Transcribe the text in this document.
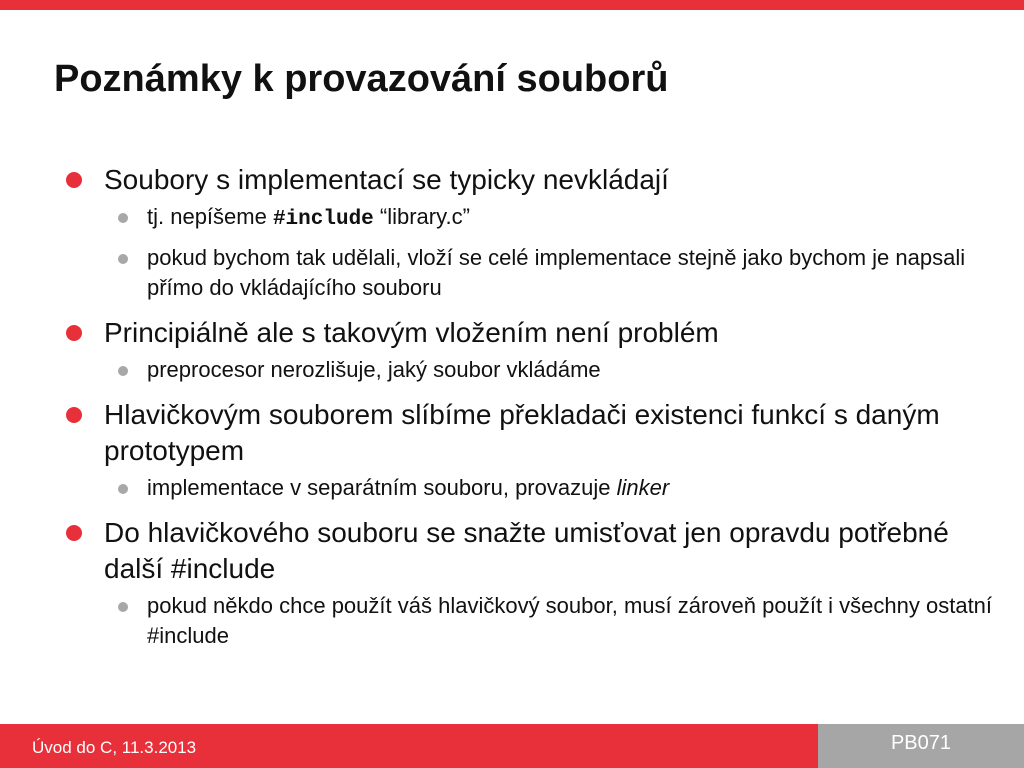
Poznámky k provazování souborů
Soubory s implementací se typicky nevkládají
tj. nepíšeme #include “library.c”
pokud bychom tak udělali, vloží se celé implementace stejně jako bychom je napsali přímo do vkládajícího souboru
Principiálně ale s takovým vložením není problém
preprocesor nerozlišuje, jaký soubor vkládáme
Hlavičkovým souborem slíbíme překladači existenci funkcí s daným prototypem
implementace v separátním souboru, provazuje linker
Do hlavičkového souboru se snažte umisťovat jen opravdu potřebné další #include
pokud někdo chce použít váš hlavičkový soubor, musí zároveň použít i všechny ostatní #include
Úvod do C, 11.3.2013	PB071
